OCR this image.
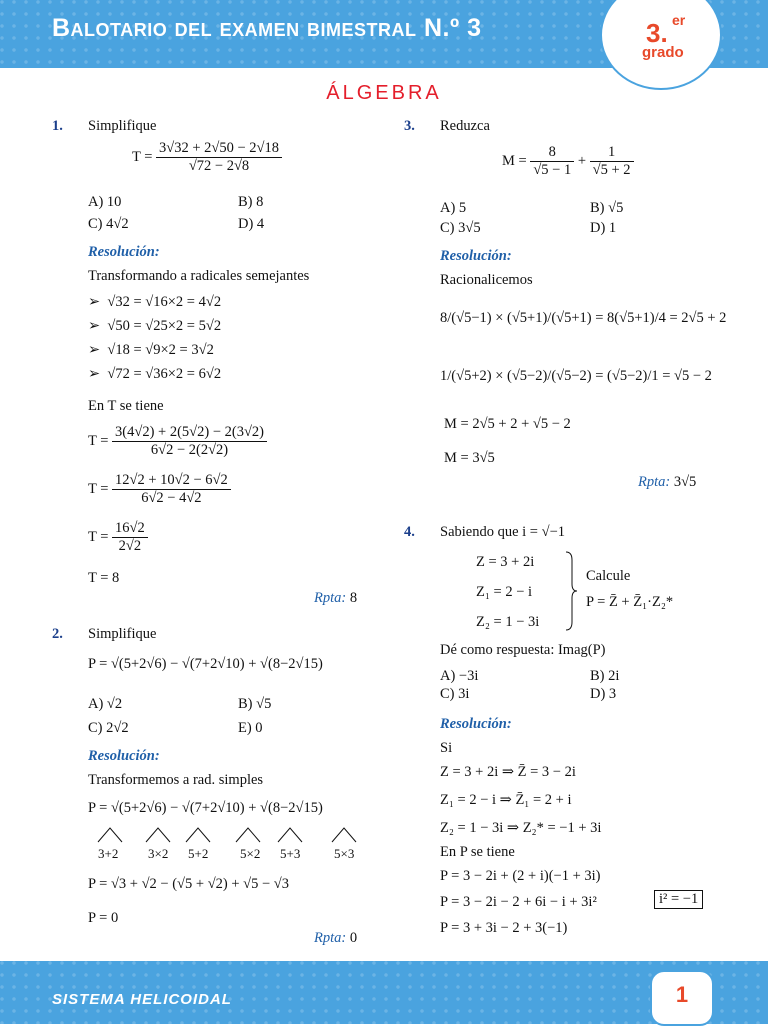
Balotario del examen bimestral N.º 3	3. er
grado
ÁLGEBRA
1. Simplifique
$T = \frac{3√32 + 2√50 - 2√18}{√72 - 2√8}$
A) 10	B) 8
C) 4√2	D) 4
Resolución:
Transformando a radicales semejantes
➢ √32 = √16×2 = 4√2
➢ √50 = √25×2 = 5√2
➢ √18 = √9×2 = 3√2
➢ √72 = √36×2 = 6√2
En T se tiene
$T = \frac{3(4√2) + 2(5√2) - 2(3√2)}{6√2 - 2(2√2)}$
$T = \frac{12√2 + 10√2 - 6√2}{6√2 - 4√2}$
$T = \frac{16√2}{2√2}$
T = 8
Rpta: 8
2. Simplifique
P = √(5+2√6) − √(7+2√10) + √(8−2√15)
A) √2	B) √5
C) 2√2	E) 0
Resolución:
Transformemos a rad. simples
P = √(5+2√6) − √(7+2√10) + √(8−2√15)
3+2 3×2 5+2 5×2 5+3	5×3
P = √3 + √2 − (√5 + √2) + √5 − √3
P = 0
Rpta: 0
3. Reduzca
$M = \frac{8}{√5 - 1} + \frac{1}{√5 + 2}$
A) 5	B) √5
C) 3√5	D) 1
Resolución:
Racionalicemos
8/(√5−1) × (√5+1)/(√5+1) = 8(√5+1)/4 = 2√5 + 2
1/(√5+2) × (√5−2)/(√5−2) = (√5−2)/1 = √5 − 2
M = 2√5 + 2 + √5 − 2
M = 3√5
Rpta: 3√5
4. Sabiendo que i = √−1
Z = 3 + 2i
Z₁ = 2 − i
Z₂ = 1 − 3i
Calcule
P = Z̄ + Z̄₁·Z₂*
Dé como respuesta: Imag(P)
A) −3i	B) 2i
C) 3i	D) 3
Resolución:
Si
Z = 3 + 2i ⇒ Z̄ = 3 − 2i
Z₁ = 2 − i ⇒ Z̄₁ = 2 + i
Z₂ = 1 − 3i ⇒ Z₂* = −1 + 3i
En P se tiene
P = 3 − 2i + (2 + i)(−1 + 3i)
P = 3 − 2i − 2 + 6i − i + 3i²	i² = −1
P = 3 + 3i − 2 + 3(−1)
SISTEMA HELICOIDAL	1
